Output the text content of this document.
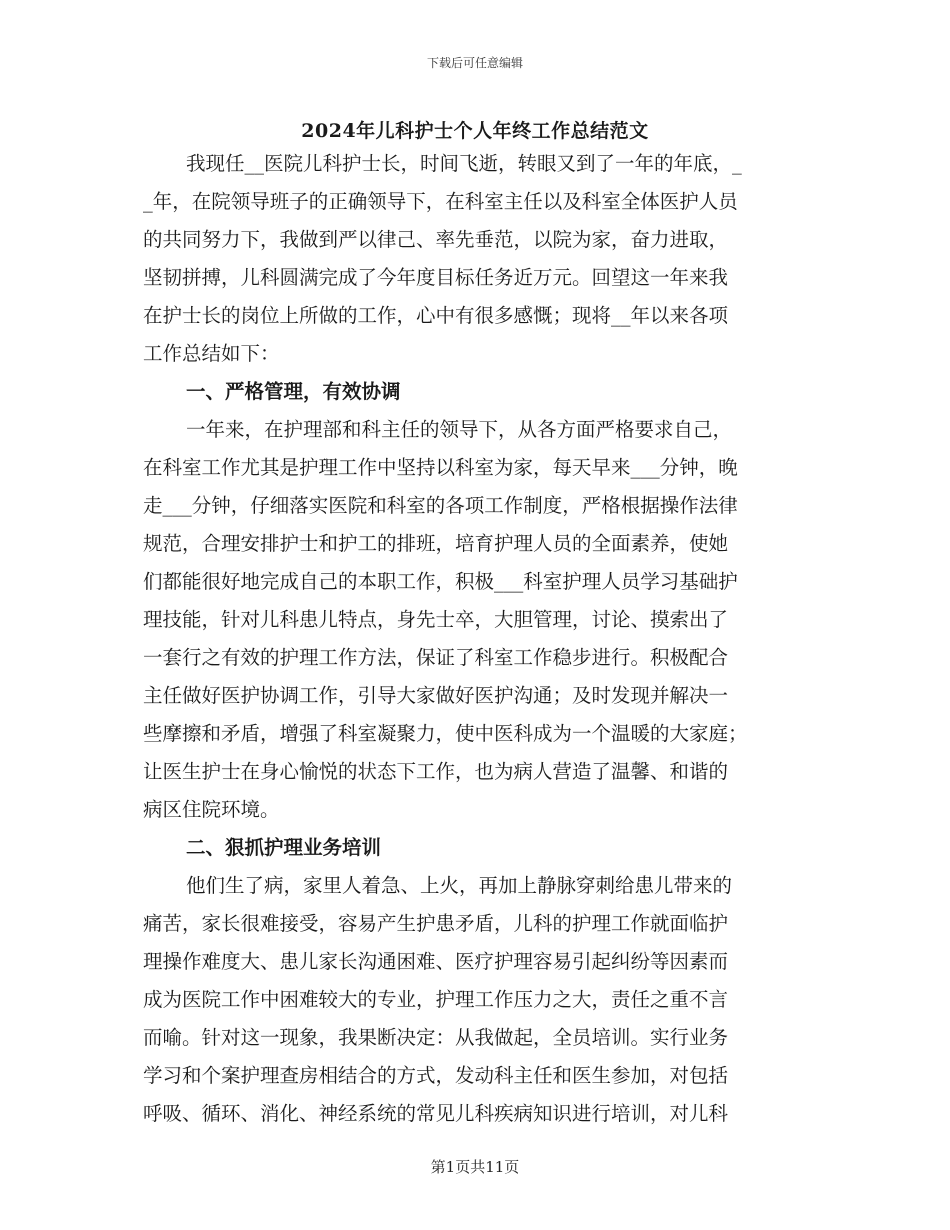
下载后可任意编辑
2024年儿科护士个人年终工作总结范文
我现任__医院儿科护士长，时间飞逝，转眼又到了一年的年底，_
_年，在院领导班子的正确领导下，在科室主任以及科室全体医护人员
的共同努力下，我做到严以律己、率先垂范，以院为家，奋力进取，
坚韧拼搏，儿科圆满完成了今年度目标任务近万元。回望这一年来我
在护士长的岗位上所做的工作，心中有很多感慨；现将__年以来各项
工作总结如下：
一、严格管理，有效协调
一年来，在护理部和科主任的领导下，从各方面严格要求自己，
在科室工作尤其是护理工作中坚持以科室为家，每天早来___分钟，晚
走___分钟，仔细落实医院和科室的各项工作制度，严格根据操作法律
规范，合理安排护士和护工的排班，培育护理人员的全面素养，使她
们都能很好地完成自己的本职工作，积极___科室护理人员学习基础护
理技能，针对儿科患儿特点，身先士卒，大胆管理，讨论、摸索出了
一套行之有效的护理工作方法，保证了科室工作稳步进行。积极配合
主任做好医护协调工作，引导大家做好医护沟通；及时发现并解决一
些摩擦和矛盾，增强了科室凝聚力，使中医科成为一个温暖的大家庭；
让医生护士在身心愉悦的状态下工作，也为病人营造了温馨、和谐的
病区住院环境。
二、狠抓护理业务培训
他们生了病，家里人着急、上火，再加上静脉穿刺给患儿带来的
痛苦，家长很难接受，容易产生护患矛盾，儿科的护理工作就面临护
理操作难度大、患儿家长沟通困难、医疗护理容易引起纠纷等因素而
成为医院工作中困难较大的专业，护理工作压力之大，责任之重不言
而喻。针对这一现象，我果断决定：从我做起，全员培训。实行业务
学习和个案护理查房相结合的方式，发动科主任和医生参加，对包括
呼吸、循环、消化、神经系统的常见儿科疾病知识进行培训，对儿科
第1页共11页
